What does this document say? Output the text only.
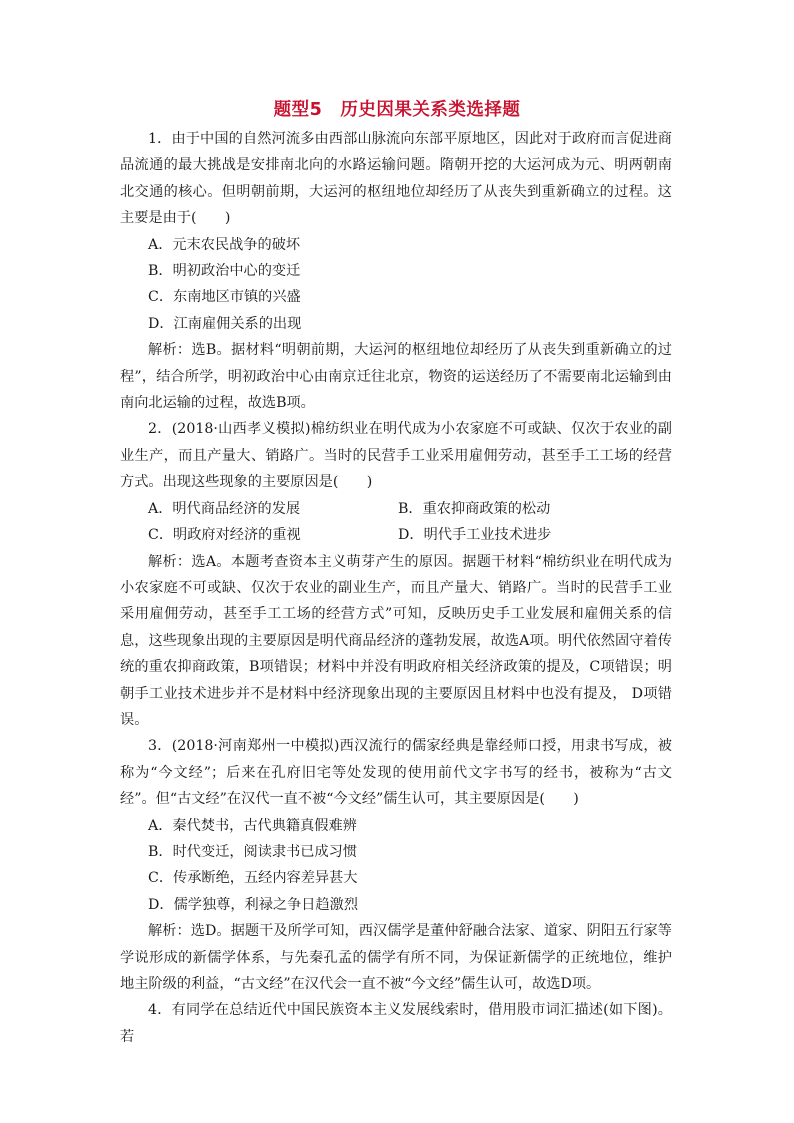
题型5　历史因果关系类选择题

1．由于中国的自然河流多由西部山脉流向东部平原地区，因此对于政府而言促进商品流通的最大挑战是安排南北向的水路运输问题。隋朝开挖的大运河成为元、明两朝南北交通的核心。但明朝前期，大运河的枢纽地位却经历了从丧失到重新确立的过程。这主要是由于(　　)

A．元末农民战争的破坏

B．明初政治中心的变迁

C．东南地区市镇的兴盛

D．江南雇佣关系的出现

解析：选B。据材料“明朝前期，大运河的枢纽地位却经历了从丧失到重新确立的过程”，结合所学，明初政治中心由南京迁往北京，物资的运送经历了不需要南北运输到由南向北运输的过程，故选B项。

2．(2018·山西孝义模拟)棉纺织业在明代成为小农家庭不可或缺、仅次于农业的副业生产，而且产量大、销路广。当时的民营手工业采用雇佣劳动，甚至手工工场的经营方式。出现这些现象的主要原因是(　　)

A．明代商品经济的发展	B．重农抑商政策的松动
C．明政府对经济的重视	D．明代手工业技术进步

解析：选A。本题考查资本主义萌芽产生的原因。据题干材料“棉纺织业在明代成为小农家庭不可或缺、仅次于农业的副业生产，而且产量大、销路广。当时的民营手工业采用雇佣劳动，甚至手工工场的经营方式”可知，反映历史手工业发展和雇佣关系的信息，这些现象出现的主要原因是明代商品经济的蓬勃发展，故选A项。明代依然固守着传统的重农抑商政策，B项错误；材料中并没有明政府相关经济政策的提及，C项错误；明朝手工业技术进步并不是材料中经济现象出现的主要原因且材料中也没有提及， D项错误。

3．(2018·河南郑州一中模拟)西汉流行的儒家经典是靠经师口授，用隶书写成，被称为“今文经”；后来在孔府旧宅等处发现的使用前代文字书写的经书，被称为“古文经”。但“古文经”在汉代一直不被“今文经”儒生认可，其主要原因是(　　)

A．秦代焚书，古代典籍真假难辨

B．时代变迁，阅读隶书已成习惯

C．传承断绝，五经内容差异甚大

D．儒学独尊，利禄之争日趋激烈

解析：选D。据题干及所学可知，西汉儒学是董仲舒融合法家、道家、阴阳五行家等学说形成的新儒学体系，与先秦孔孟的儒学有所不同，为保证新儒学的正统地位，维护地主阶级的利益，“古文经”在汉代会一直不被“今文经”儒生认可，故选D项。

4．有同学在总结近代中国民族资本主义发展线索时，借用股市词汇描述(如下图)。若
